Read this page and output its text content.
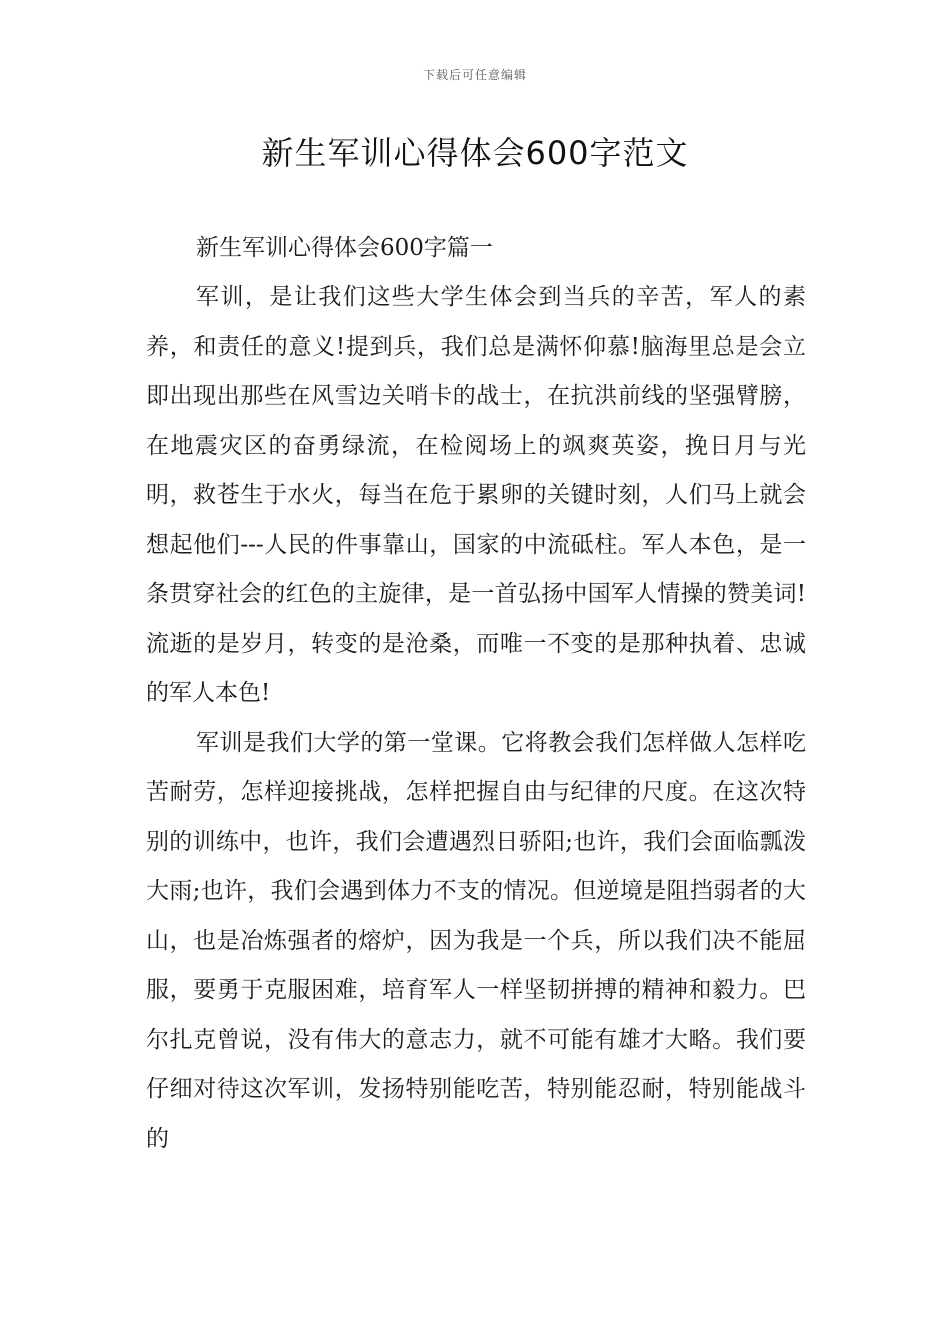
下载后可任意编辑
新生军训心得体会600字范文

新生军训心得体会600字篇一

军训，是让我们这些大学生体会到当兵的辛苦，军人的素养，和责任的意义!提到兵，我们总是满怀仰慕!脑海里总是会立即出现出那些在风雪边关哨卡的战士，在抗洪前线的坚强臂膀，在地震灾区的奋勇绿流，在检阅场上的飒爽英姿，挽日月与光明，救苍生于水火，每当在危于累卵的关键时刻，人们马上就会想起他们---人民的件事靠山，国家的中流砥柱。军人本色，是一条贯穿社会的红色的主旋律，是一首弘扬中国军人情操的赞美词!流逝的是岁月，转变的是沧桑，而唯一不变的是那种执着、忠诚的军人本色!

军训是我们大学的第一堂课。它将教会我们怎样做人怎样吃苦耐劳，怎样迎接挑战，怎样把握自由与纪律的尺度。在这次特别的训练中，也许，我们会遭遇烈日骄阳;也许，我们会面临瓢泼大雨;也许，我们会遇到体力不支的情况。但逆境是阻挡弱者的大山，也是冶炼强者的熔炉，因为我是一个兵，所以我们决不能屈服，要勇于克服困难，培育军人一样坚韧拼搏的精神和毅力。巴尔扎克曾说，没有伟大的意志力，就不可能有雄才大略。我们要仔细对待这次军训，发扬特别能吃苦，特别能忍耐，特别能战斗的
